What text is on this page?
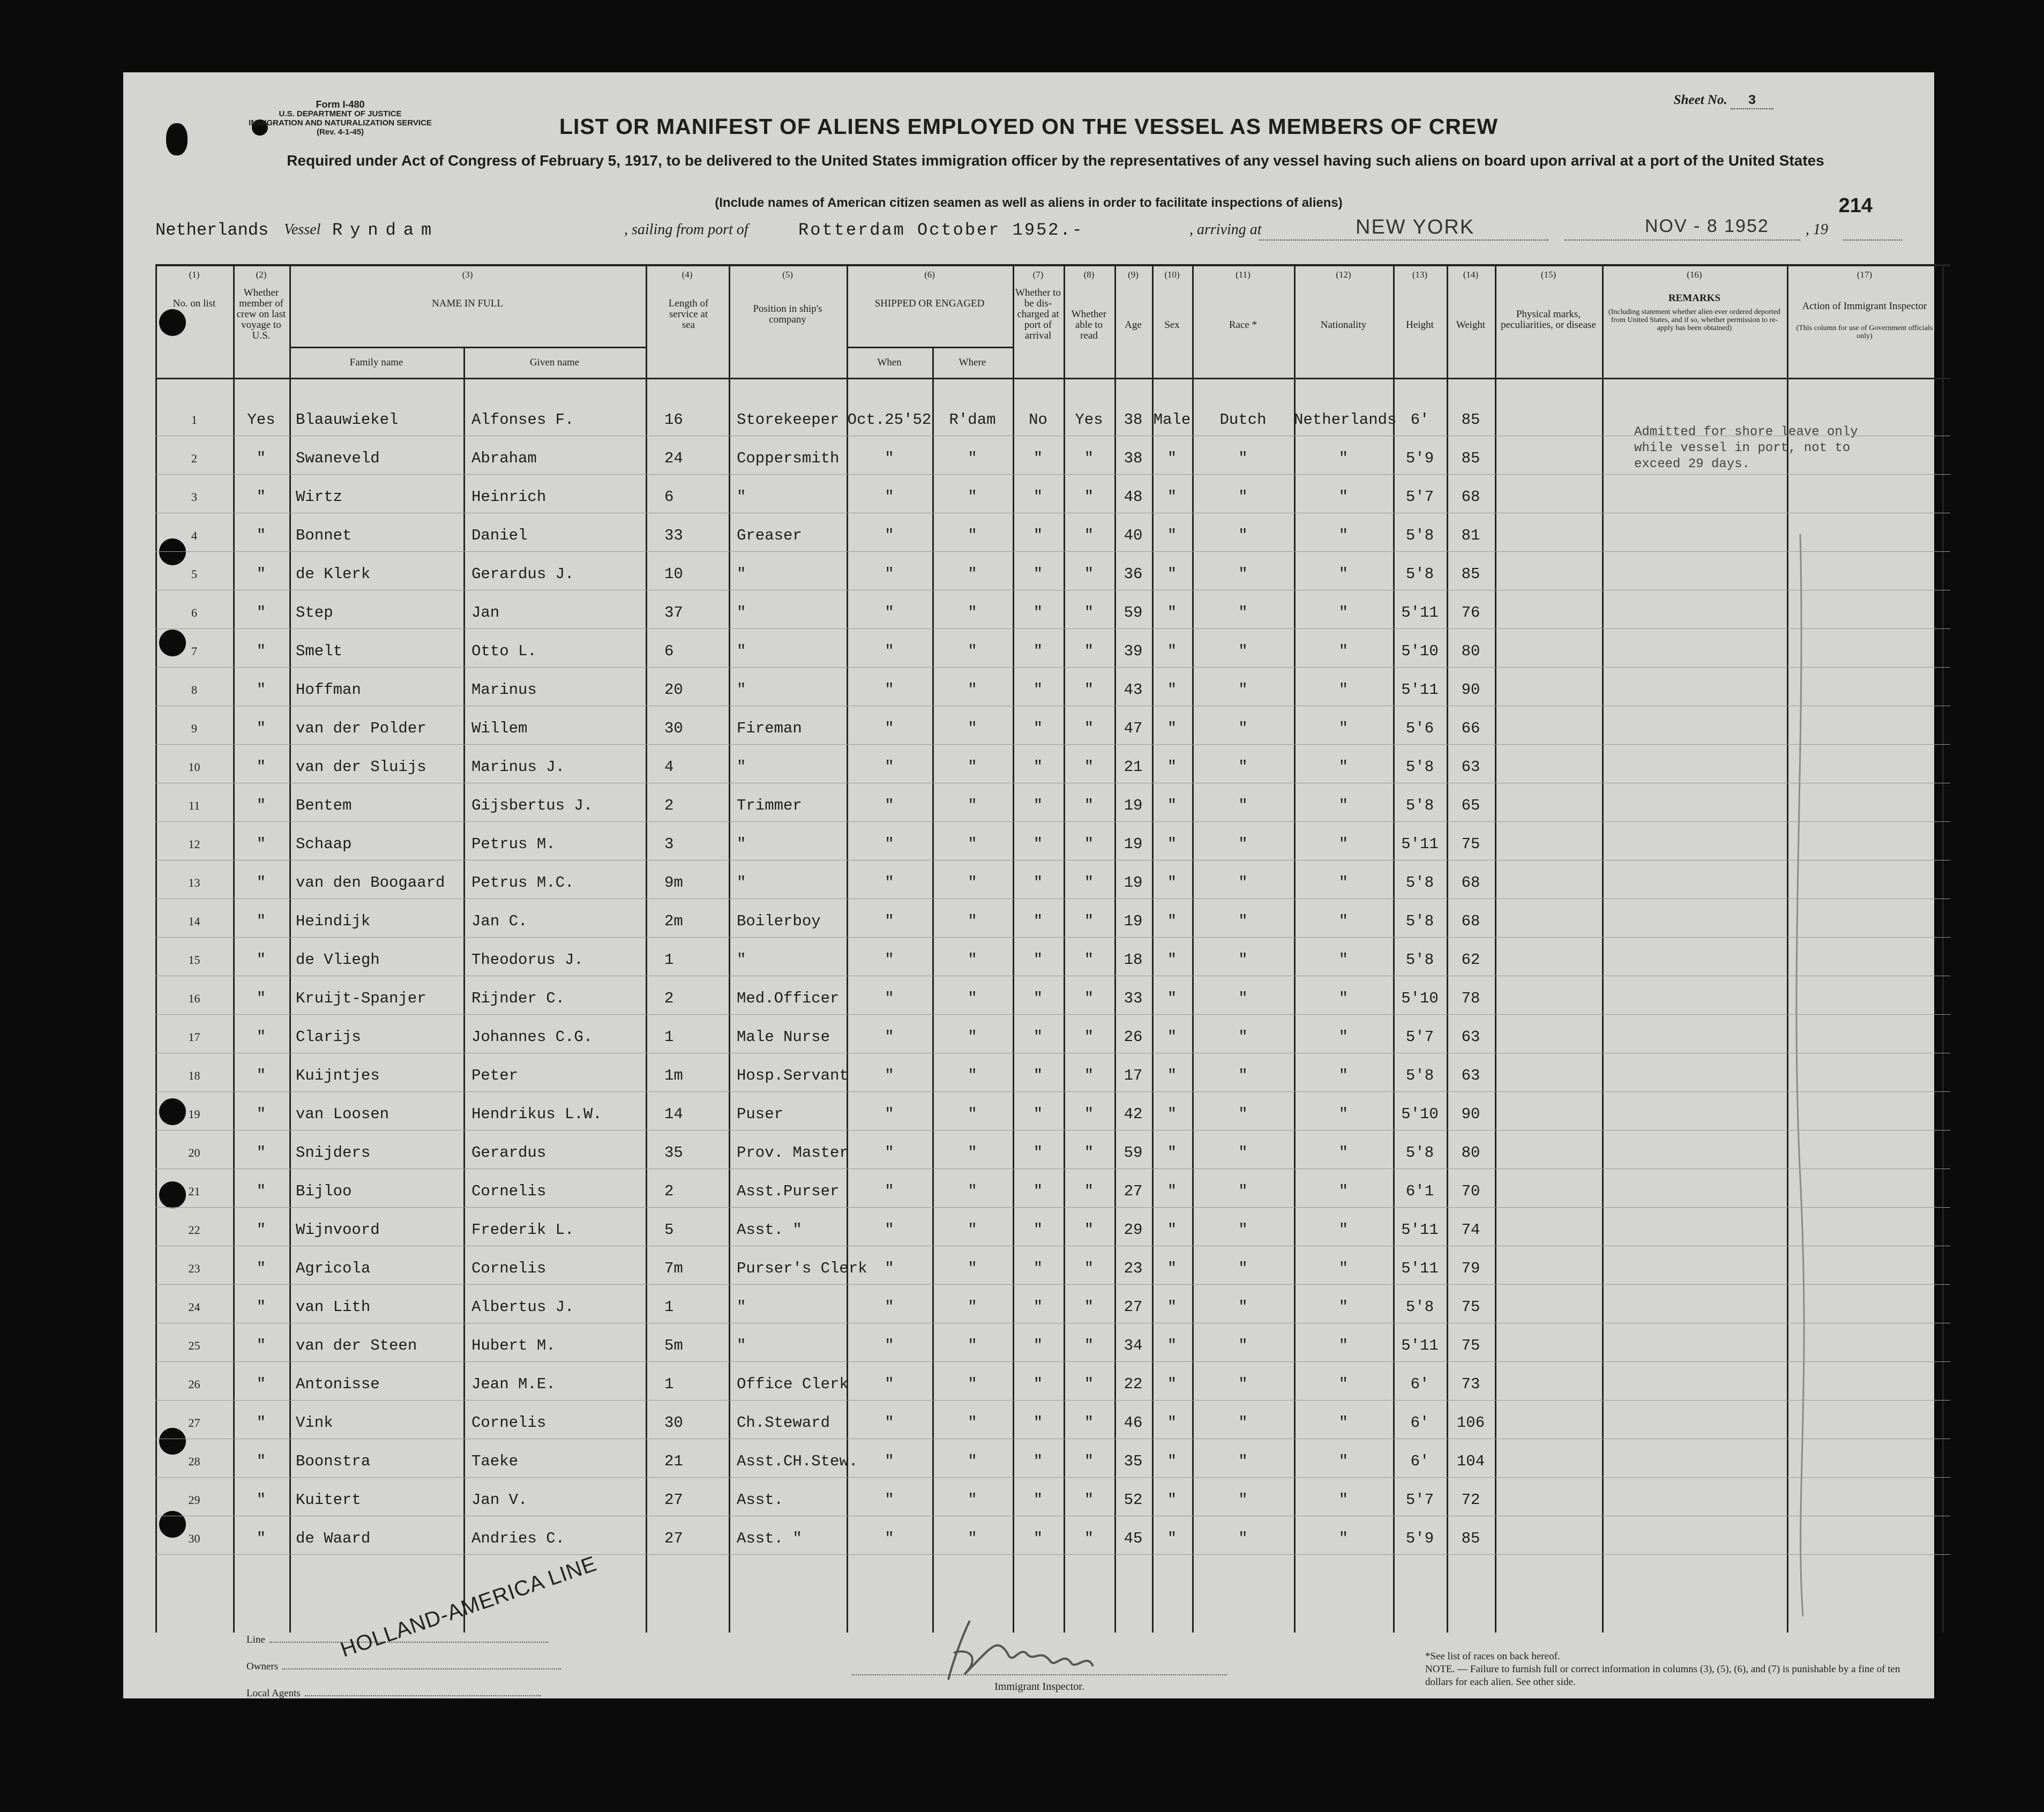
Form I-480
U.S. DEPARTMENT OF JUSTICE
IMMIGRATION AND NATURALIZATION SERVICE
(Rev. 4-1-45)
Sheet No. 3
LIST OR MANIFEST OF ALIENS EMPLOYED ON THE VESSEL AS MEMBERS OF CREW
Required under Act of Congress of February 5, 1917, to be delivered to the United States immigration officer by the representatives of any vessel having such aliens on board upon arrival at a port of the United States
(Include names of American citizen seamen as well as aliens in order to facilitate inspections of aliens)	214
Netherlands Vessel Ryndam	, sailing from port of	Rotterdam October 1952.-	, arriving at	NEW YORK	NOV - 8 1952 , 19
(1)	(2)	(3)	(4)	(5)	(6)	(7)	(8)	(9)	(10)	(11)	(12)	(13)	(14)	(15)	(16)	(17)
No. on list
Whether member of crew on last voyage to U.S.
NAME IN FULL
Family name	Given name
Length of service at sea
Position in ship's company
SHIPPED OR ENGAGED
When	Where
Whether to be dis-charged at port of arrival
Whether able to read
Age	Sex	Race *	Nationality	Height	Weight
Physical marks, peculiarities, or disease
REMARKS
(Including statement whether alien ever ordered deported from United States, and if so, whether permission to re-apply has been obtained)
Action of Immigrant Inspector
(This column for use of Government officials only)
1	Yes	Blaauwiekel	Alfonses F.	16	Storekeeper Oct.25'52	R'dam	No	Yes	38 Male	Dutch	Netherlands 6'	85
2	"	Swaneveld	Abraham	24	Coppersmith	"	"	"	"	38	"	"	"	5'9	85
3	"	Wirtz	Heinrich	6	"	"	"	"	"	48	"	"	"	5'7	68
4	"	Bonnet	Daniel	33	Greaser	"	"	"	"	40	"	"	"	5'8	81
5	"	de Klerk	Gerardus J.	10	"	"	"	"	"	36	"	"	"	5'8	85
6	"	Step	Jan	37	"	"	"	"	"	59	"	"	"	5'11	76
7	"	Smelt	Otto L.	6	"	"	"	"	"	39	"	"	"	5'10	80
8	"	Hoffman	Marinus	20	"	"	"	"	"	43	"	"	"	5'11	90
9	"	van der Polder	Willem	30	Fireman	"	"	"	"	47	"	"	"	5'6	66
10	"	van der Sluijs	Marinus J.	4	"	"	"	"	"	21	"	"	"	5'8	63
11	"	Bentem	Gijsbertus J.	2	Trimmer	"	"	"	"	19	"	"	"	5'8	65
12	"	Schaap	Petrus M.	3	"	"	"	"	"	19	"	"	"	5'11	75
13	"	van den Boogaard	Petrus M.C.	9m	"	"	"	"	"	19	"	"	"	5'8	68
14	"	Heindijk	Jan C.	2m	Boilerboy	"	"	"	"	19	"	"	"	5'8	68
15	"	de Vliegh	Theodorus J.	1	"	"	"	"	"	18	"	"	"	5'8	62
16	"	Kruijt-Spanjer	Rijnder C.	2	Med.Officer	"	"	"	"	33	"	"	"	5'10	78
17	"	Clarijs	Johannes C.G.	1	Male Nurse	"	"	"	"	26	"	"	"	5'7	63
18	"	Kuijntjes	Peter	1m	Hosp.Servant	"	"	"	"	17	"	"	"	5'8	63
19	"	van Loosen	Hendrikus L.W.	14	Puser	"	"	"	"	42	"	"	"	5'10	90
20	"	Snijders	Gerardus	35	Prov. Master	"	"	"	"	59	"	"	"	5'8	80
21	"	Bijloo	Cornelis	2	Asst.Purser	"	"	"	"	27	"	"	"	6'1	70
22	"	Wijnvoord	Frederik L.	5	Asst. "	"	"	"	"	29	"	"	"	5'11	74
23	"	Agricola	Cornelis	7m	Purser's Clerk	"	"	"	"	23	"	"	"	5'11	79
24	"	van Lith	Albertus J.	1	"	"	"	"	"	27	"	"	"	5'8	75
25	"	van der Steen	Hubert M.	5m	"	"	"	"	"	34	"	"	"	5'11	75
26	"	Antonisse	Jean M.E.	1	Office Clerk	"	"	"	"	22	"	"	"	6'	73
27	"	Vink	Cornelis	30	Ch.Steward	"	"	"	"	46	"	"	"	6'	106
28	"	Boonstra	Taeke	21	Asst.CH.Stew.	"	"	"	"	35	"	"	"	6'	104
29	"	Kuitert	Jan V.	27	Asst.	"	"	"	"	52	"	"	"	5'7	72
30	"	de Waard	Andries C.	27	Asst. "	"	"	"	"	45	"	"	"	5'9	85
Admitted for shore leave only
while vessel in port, not to
exceed 29 days.
Line
Owners
Local Agents
HOLLAND-AMERICA LINE
Immigrant Inspector.
*See list of races on back hereof.
NOTE. — Failure to furnish full or correct information in columns (3), (5), (6), and (7) is punishable by a fine of ten dollars for each alien. See other side.
